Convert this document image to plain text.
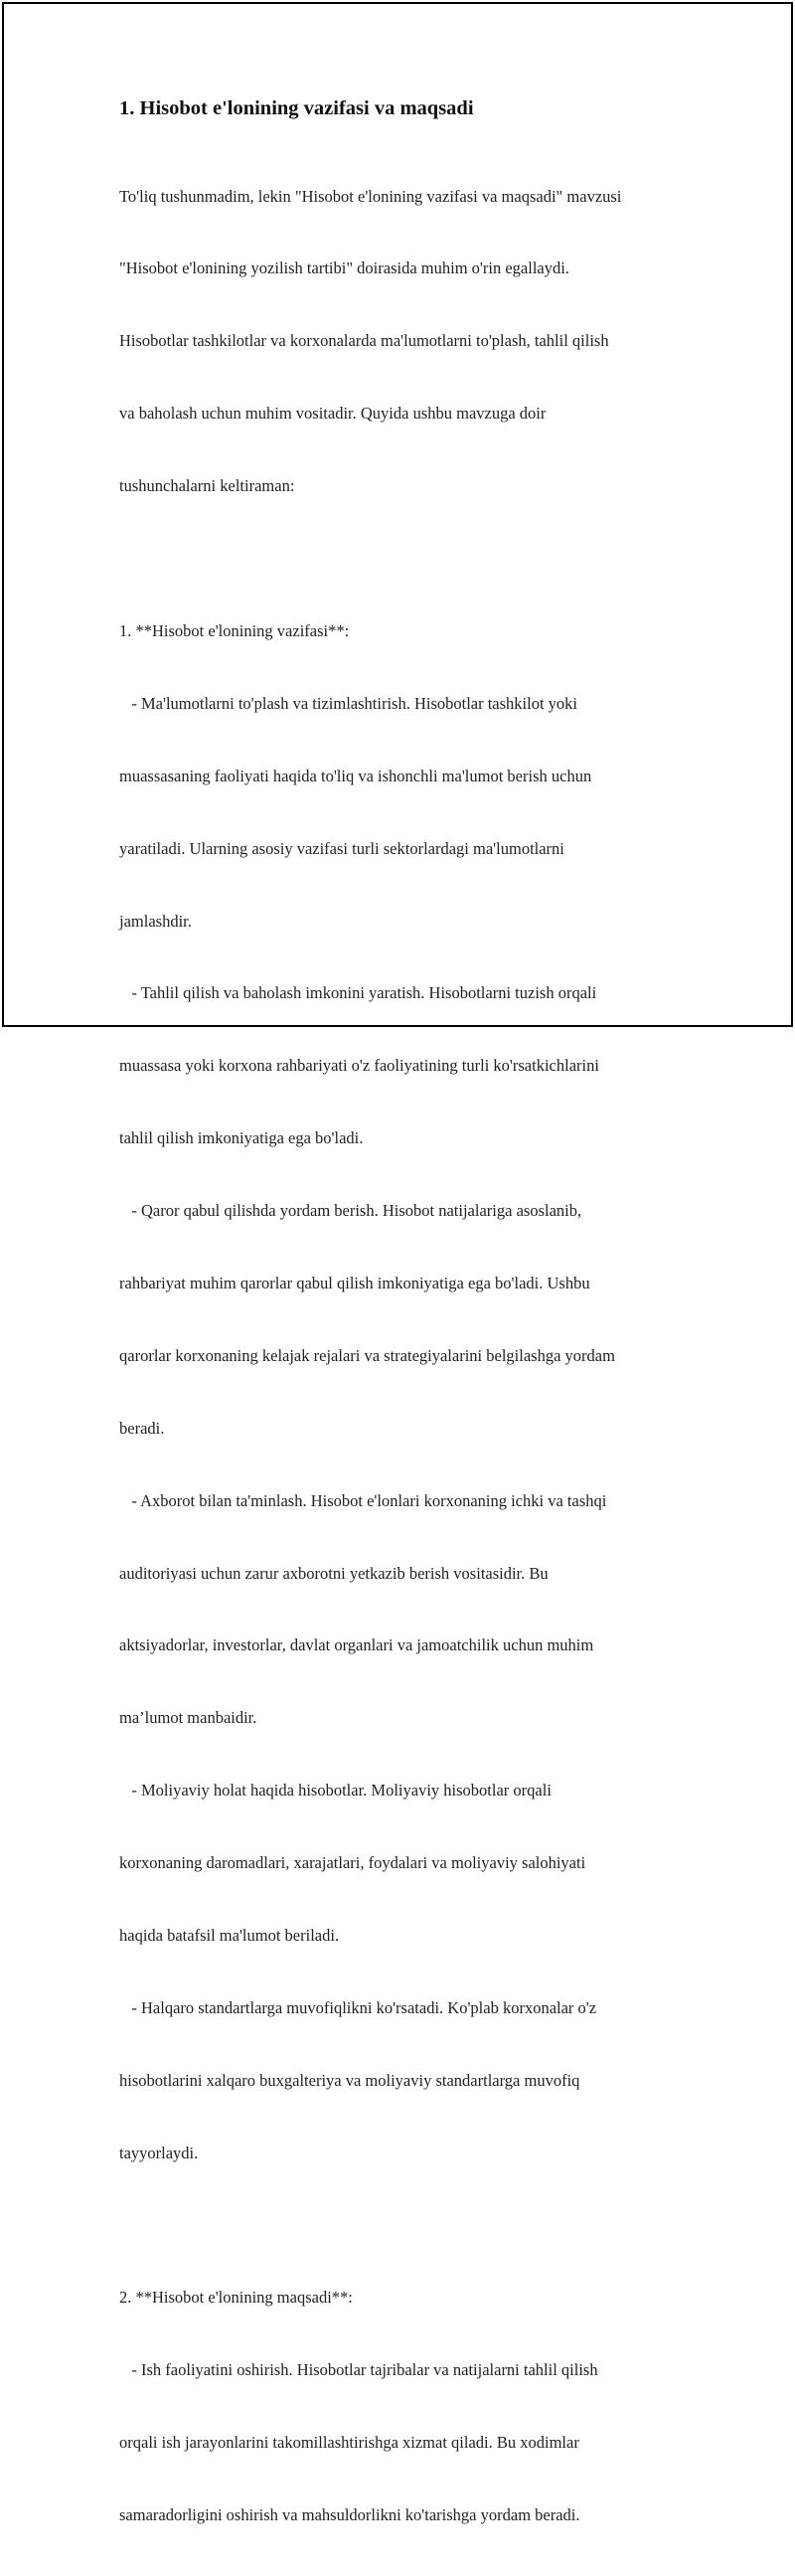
1. Hisobot e'lonining vazifasi va maqsadi

To'liq tushunmadim, lekin "Hisobot e'lonining vazifasi va maqsadi" mavzusi

"Hisobot e'lonining yozilish tartibi" doirasida muhim o'rin egallaydi.

Hisobotlar tashkilotlar va korxonalarda ma'lumotlarni to'plash, tahlil qilish

va baholash uchun muhim vositadir. Quyida ushbu mavzuga doir

tushunchalarni keltiraman:

1. **Hisobot e'lonining vazifasi**:

- Ma'lumotlarni to'plash va tizimlashtirish. Hisobotlar tashkilot yoki

muassasaning faoliyati haqida to'liq va ishonchli ma'lumot berish uchun

yaratiladi. Ularning asosiy vazifasi turli sektorlardagi ma'lumotlarni

jamlashdir.

- Tahlil qilish va baholash imkonini yaratish. Hisobotlarni tuzish orqali

muassasa yoki korxona rahbariyati o'z faoliyatining turli ko'rsatkichlarini

tahlil qilish imkoniyatiga ega bo'ladi.

- Qaror qabul qilishda yordam berish. Hisobot natijalariga asoslanib,

rahbariyat muhim qarorlar qabul qilish imkoniyatiga ega bo'ladi. Ushbu

qarorlar korxonaning kelajak rejalari va strategiyalarini belgilashga yordam

beradi.

- Axborot bilan ta'minlash. Hisobot e'lonlari korxonaning ichki va tashqi

auditoriyasi uchun zarur axborotni yetkazib berish vositasidir. Bu

aktsiyadorlar, investorlar, davlat organlari va jamoatchilik uchun muhim

ma’lumot manbaidir.

- Moliyaviy holat haqida hisobotlar. Moliyaviy hisobotlar orqali

korxonaning daromadlari, xarajatlari, foydalari va moliyaviy salohiyati

haqida batafsil ma'lumot beriladi.

- Halqaro standartlarga muvofiqlikni ko'rsatadi. Ko'plab korxonalar o'z

hisobotlarini xalqaro buxgalteriya va moliyaviy standartlarga muvofiq

tayyorlaydi.

2. **Hisobot e'lonining maqsadi**:

- Ish faoliyatini oshirish. Hisobotlar tajribalar va natijalarni tahlil qilish

orqali ish jarayonlarini takomillashtirishga xizmat qiladi. Bu xodimlar

samaradorligini oshirish va mahsuldorlikni ko'tarishga yordam beradi.
